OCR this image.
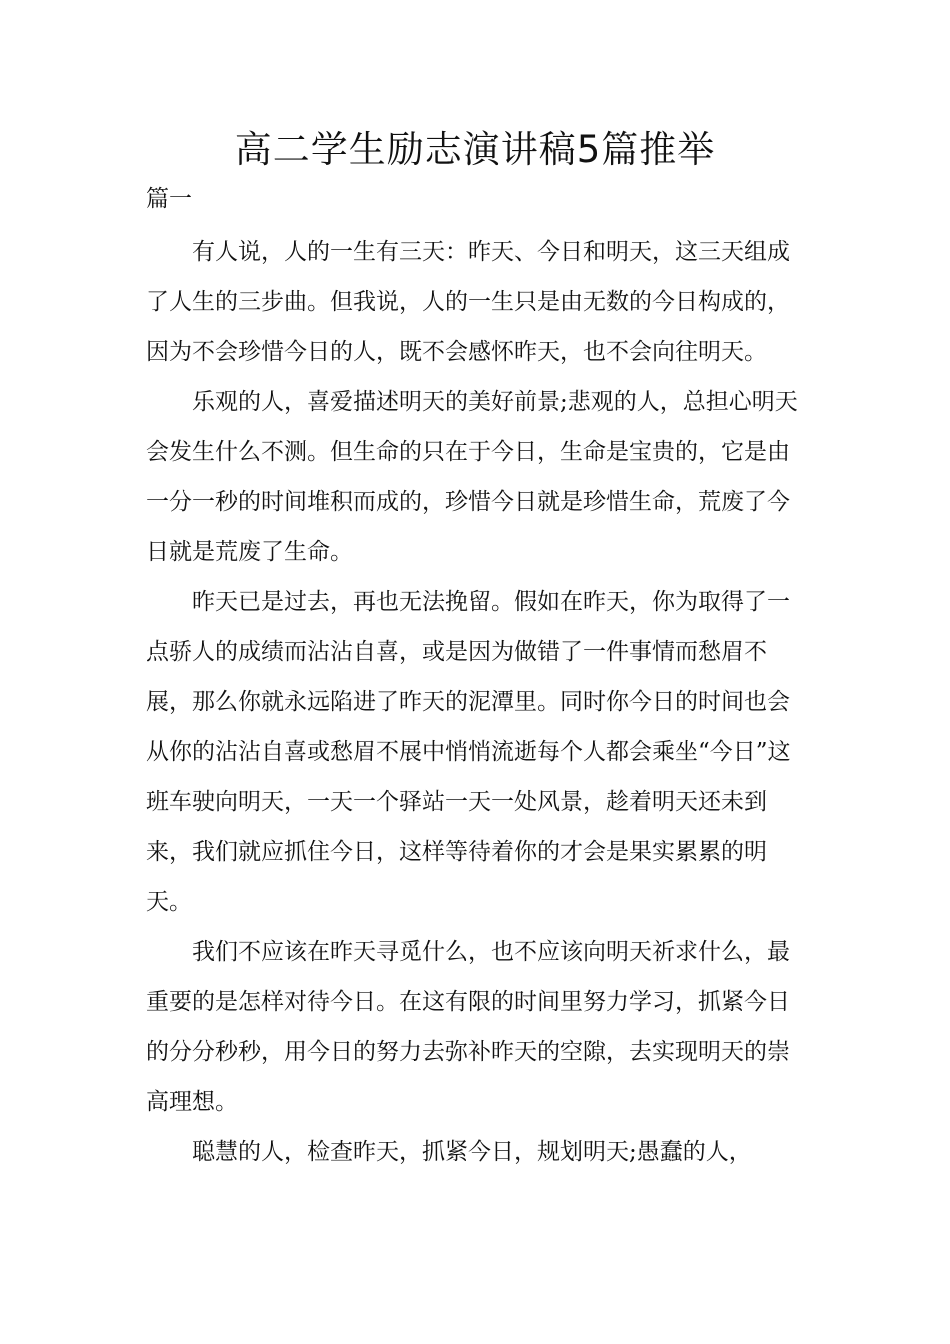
高二学生励志演讲稿5篇推举
篇一

有人说，人的一生有三天：昨天、今日和明天，这三天组成了人生的三步曲。但我说，人的一生只是由无数的今日构成的，因为不会珍惜今日的人，既不会感怀昨天，也不会向往明天。

乐观的人，喜爱描述明天的美好前景;悲观的人，总担心明天会发生什么不测。但生命的只在于今日，生命是宝贵的，它是由一分一秒的时间堆积而成的，珍惜今日就是珍惜生命，荒废了今日就是荒废了生命。

昨天已是过去，再也无法挽留。假如在昨天，你为取得了一点骄人的成绩而沾沾自喜，或是因为做错了一件事情而愁眉不展，那么你就永远陷进了昨天的泥潭里。同时你今日的时间也会从你的沾沾自喜或愁眉不展中悄悄流逝每个人都会乘坐“今日”这班车驶向明天，一天一个驿站一天一处风景，趁着明天还未到来，我们就应抓住今日，这样等待着你的才会是果实累累的明天。

我们不应该在昨天寻觅什么，也不应该向明天祈求什么，最重要的是怎样对待今日。在这有限的时间里努力学习，抓紧今日的分分秒秒，用今日的努力去弥补昨天的空隙，去实现明天的崇高理想。

聪慧的人，检查昨天，抓紧今日，规划明天;愚蠢的人，
